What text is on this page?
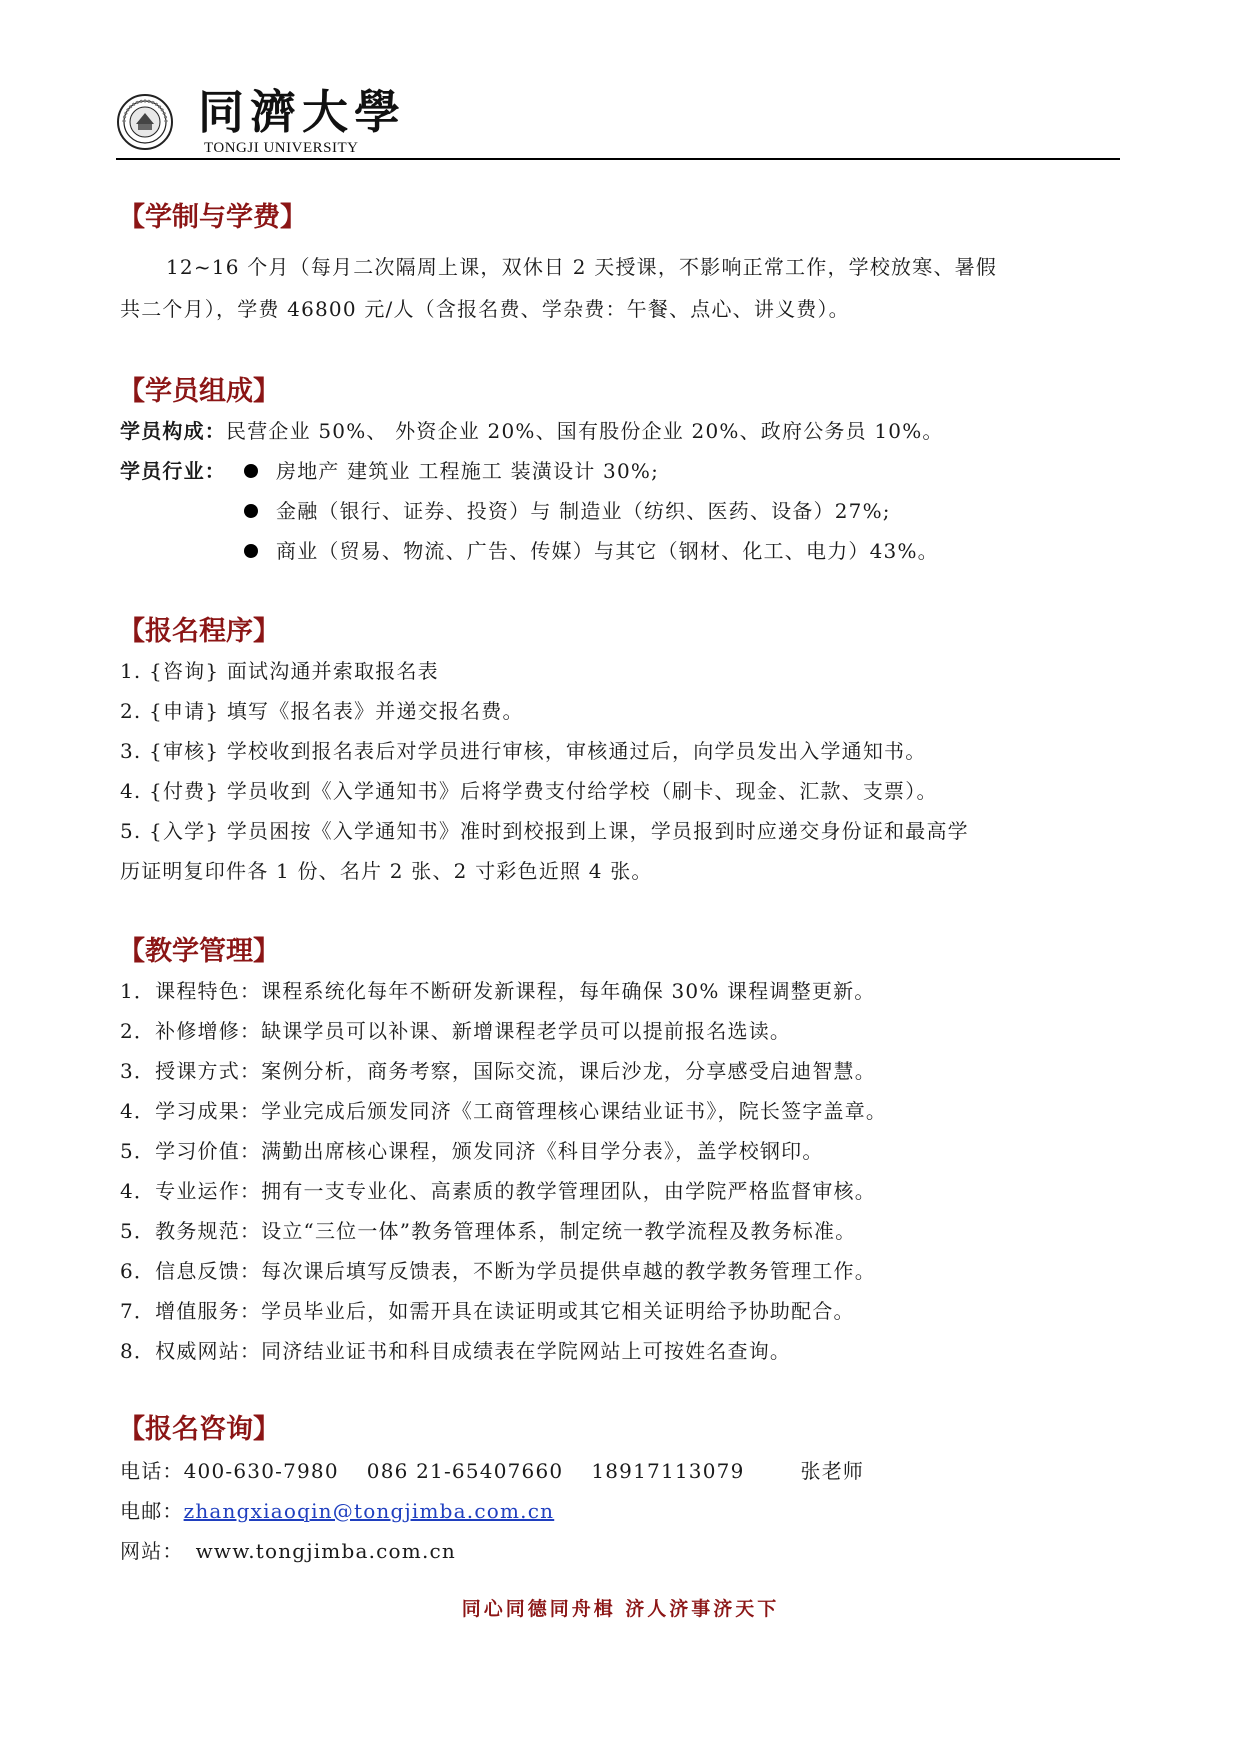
同濟大學
TONGJI UNIVERSITY
【学制与学费】
12~16 个月（每月二次隔周上课，双休日 2 天授课，不影响正常工作，学校放寒、暑假
共二个月），学费 46800 元/人（含报名费、学杂费：午餐、点心、讲义费）。
【学员组成】
学员构成：民营企业 50%、 外资企业 20%、国有股份企业 20%、政府公务员 10%。
学员行业：	房地产 建筑业 工程施工 装潢设计 30%;
金融（银行、证券、投资）与 制造业（纺织、医药、设备）27%;
商业（贸易、物流、广告、传媒）与其它（钢材、化工、电力）43%。
【报名程序】
1. {咨询} 面试沟通并索取报名表
2. {申请} 填写《报名表》并递交报名费。
3. {审核} 学校收到报名表后对学员进行审核，审核通过后，向学员发出入学通知书。
4. {付费} 学员收到《入学通知书》后将学费支付给学校（刷卡、现金、汇款、支票）。
5. {入学} 学员困按《入学通知书》准时到校报到上课，学员报到时应递交身份证和最高学
历证明复印件各 1 份、名片 2 张、2 寸彩色近照 4 张。
【教学管理】
1．课程特色：课程系统化每年不断研发新课程，每年确保 30% 课程调整更新。
2．补修增修：缺课学员可以补课、新增课程老学员可以提前报名选读。
3．授课方式：案例分析，商务考察，国际交流，课后沙龙，分享感受启迪智慧。
4．学习成果：学业完成后颁发同济《工商管理核心课结业证书》，院长签字盖章。
5．学习价值：满勤出席核心课程，颁发同济《科目学分表》，盖学校钢印。
4．专业运作：拥有一支专业化、高素质的教学管理团队，由学院严格监督审核。
5．教务规范：设立“三位一体”教务管理体系，制定统一教学流程及教务标准。
6．信息反馈：每次课后填写反馈表，不断为学员提供卓越的教学教务管理工作。
7．增值服务：学员毕业后，如需开具在读证明或其它相关证明给予协助配合。
8．权威网站：同济结业证书和科目成绩表在学院网站上可按姓名查询。
【报名咨询】
电话：400-630-7980 086 21-65407660 18917113079	张老师
电邮：zhangxiaoqin@tongjimba.com.cn
网站： www.tongjimba.com.cn
同心同德同舟楫 济人济事济天下
